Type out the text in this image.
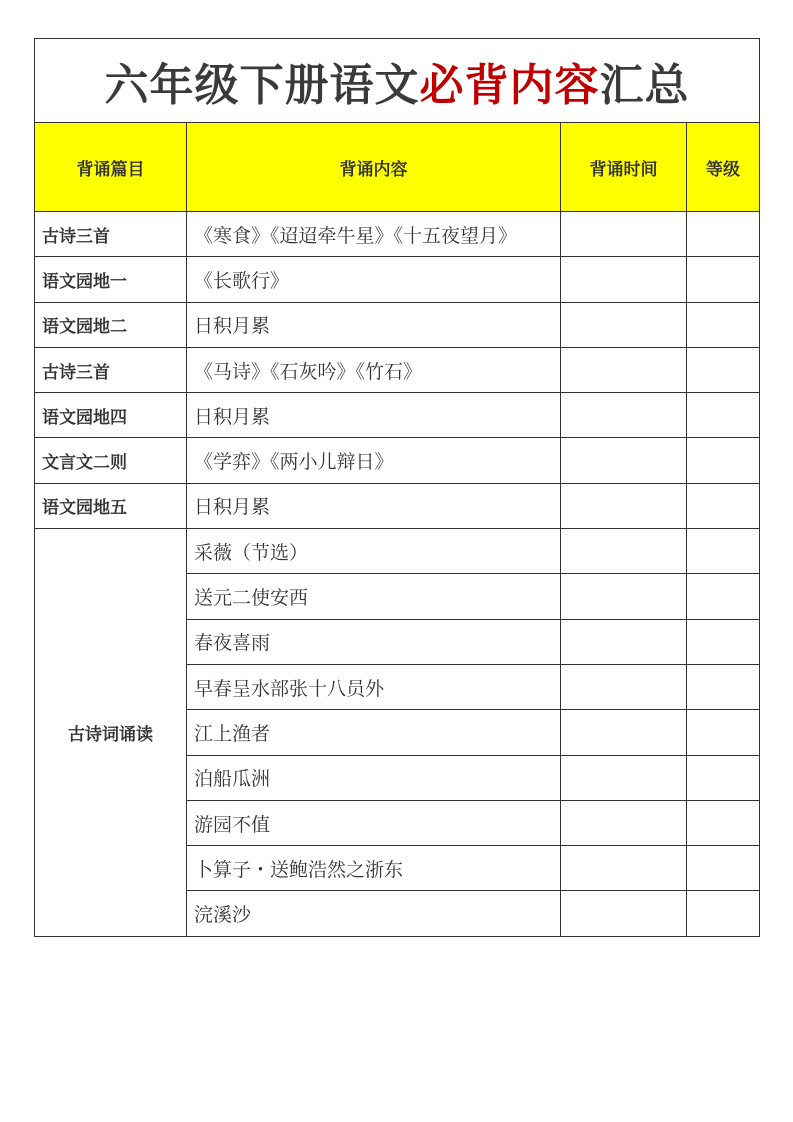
六年级下册语文必背内容汇总			
背诵篇目	背诵内容	背诵时间	等级
古诗三首	《寒食》《迢迢牵牛星》《十五夜望月》		
语文园地一	《长歌行》		
语文园地二	日积月累		
古诗三首	《马诗》《石灰吟》《竹石》		
语文园地四	日积月累		
文言文二则	《学弈》《两小儿辩日》		
语文园地五	日积月累		
古诗词诵读	采薇（节选）		
	送元二使安西		
	春夜喜雨		
	早春呈水部张十八员外		
	江上渔者		
	泊船瓜洲		
	游园不值		
	卜算子・送鲍浩然之浙东		
	浣溪沙		
